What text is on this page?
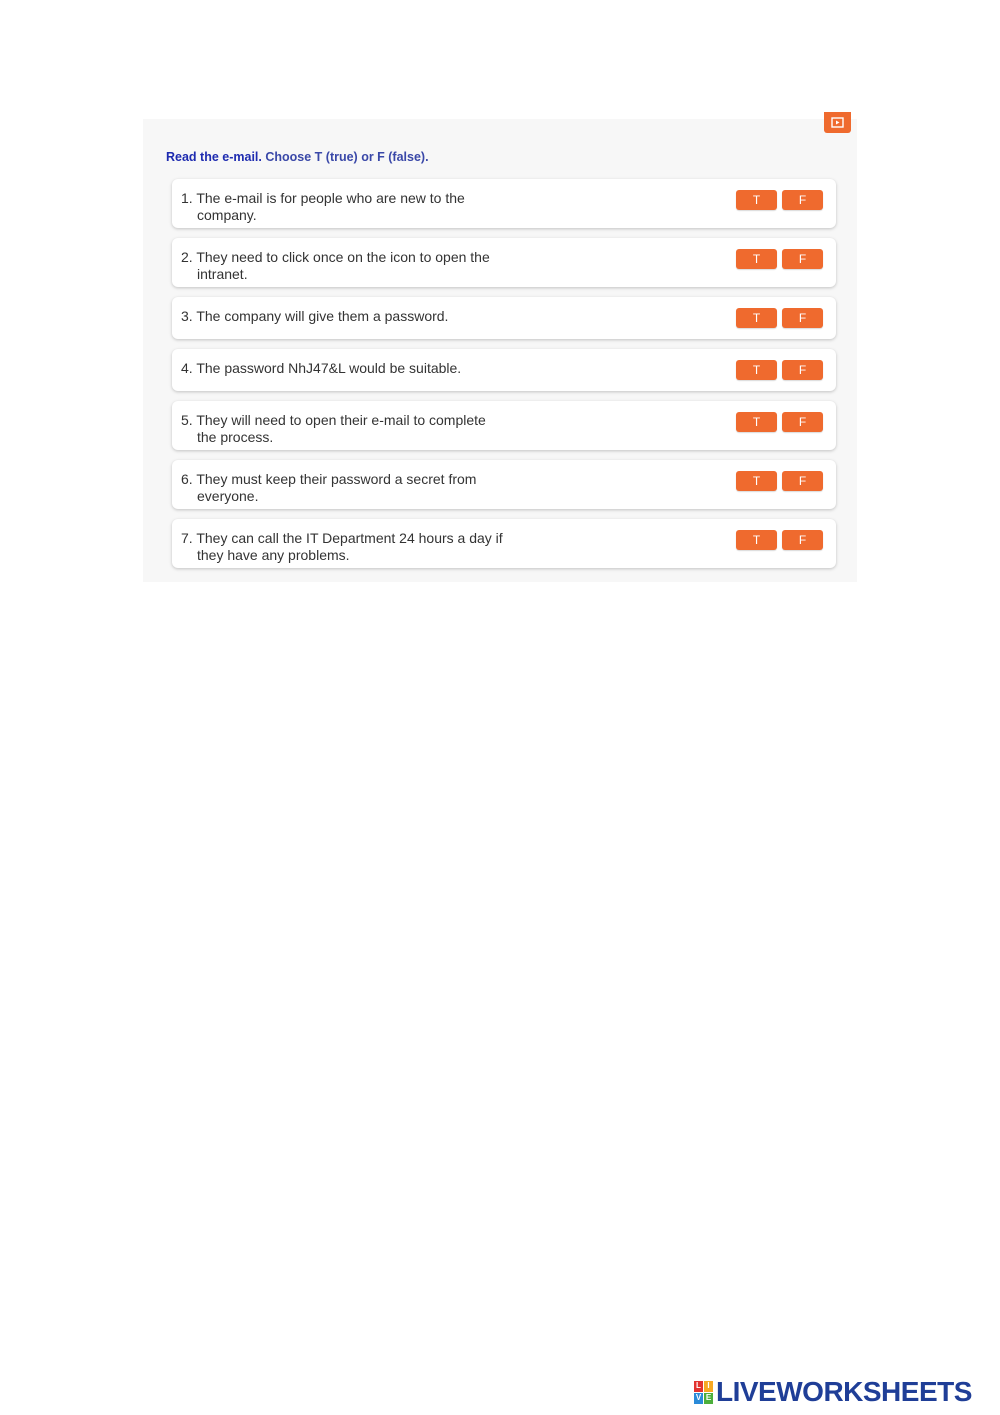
Read the e-mail. Choose T (true) or F (false).

1. The e-mail is for people who are new to the company.
T	F
2. They need to click once on the icon to open the intranet.
T	F
3. The company will give them a password.	T	F
4. The password NhJ47&L would be suitable.	T	F
5. They will need to open their e-mail to complete the process.
T	F
6. They must keep their password a secret from everyone.
T	F
7. They can call the IT Department 24 hours a day if they have any problems.
T	F
L I
V E LIVEWORKSHEETS
